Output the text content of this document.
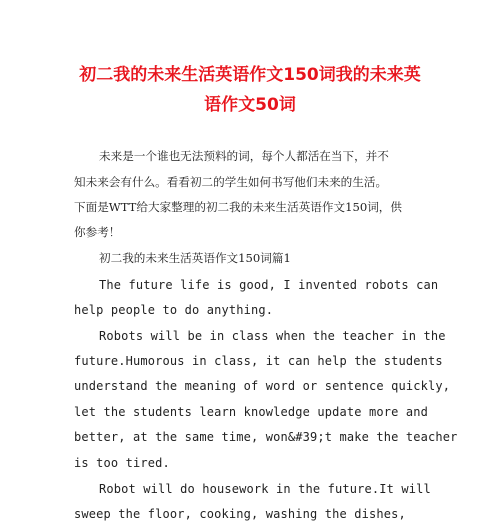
初二我的未来生活英语作文150词我的未来英
语作文50词
未来是一个谁也无法预料的词，每个人都活在当下，并不
知未来会有什么。看看初二的学生如何书写他们未来的生活。
下面是WTT给大家整理的初二我的未来生活英语作文150词，供
你参考！
初二我的未来生活英语作文150词篇1
The future life is good, I invented robots can
help people to do anything.
Robots will be in class when the teacher in the
future.Humorous in class, it can help the students
understand the meaning of word or sentence quickly,
let the students learn knowledge update more and
better, at the same time, won&#39;t make the teacher
is too tired.
Robot will do housework in the future.It will
sweep the floor, cooking, washing the dishes,
